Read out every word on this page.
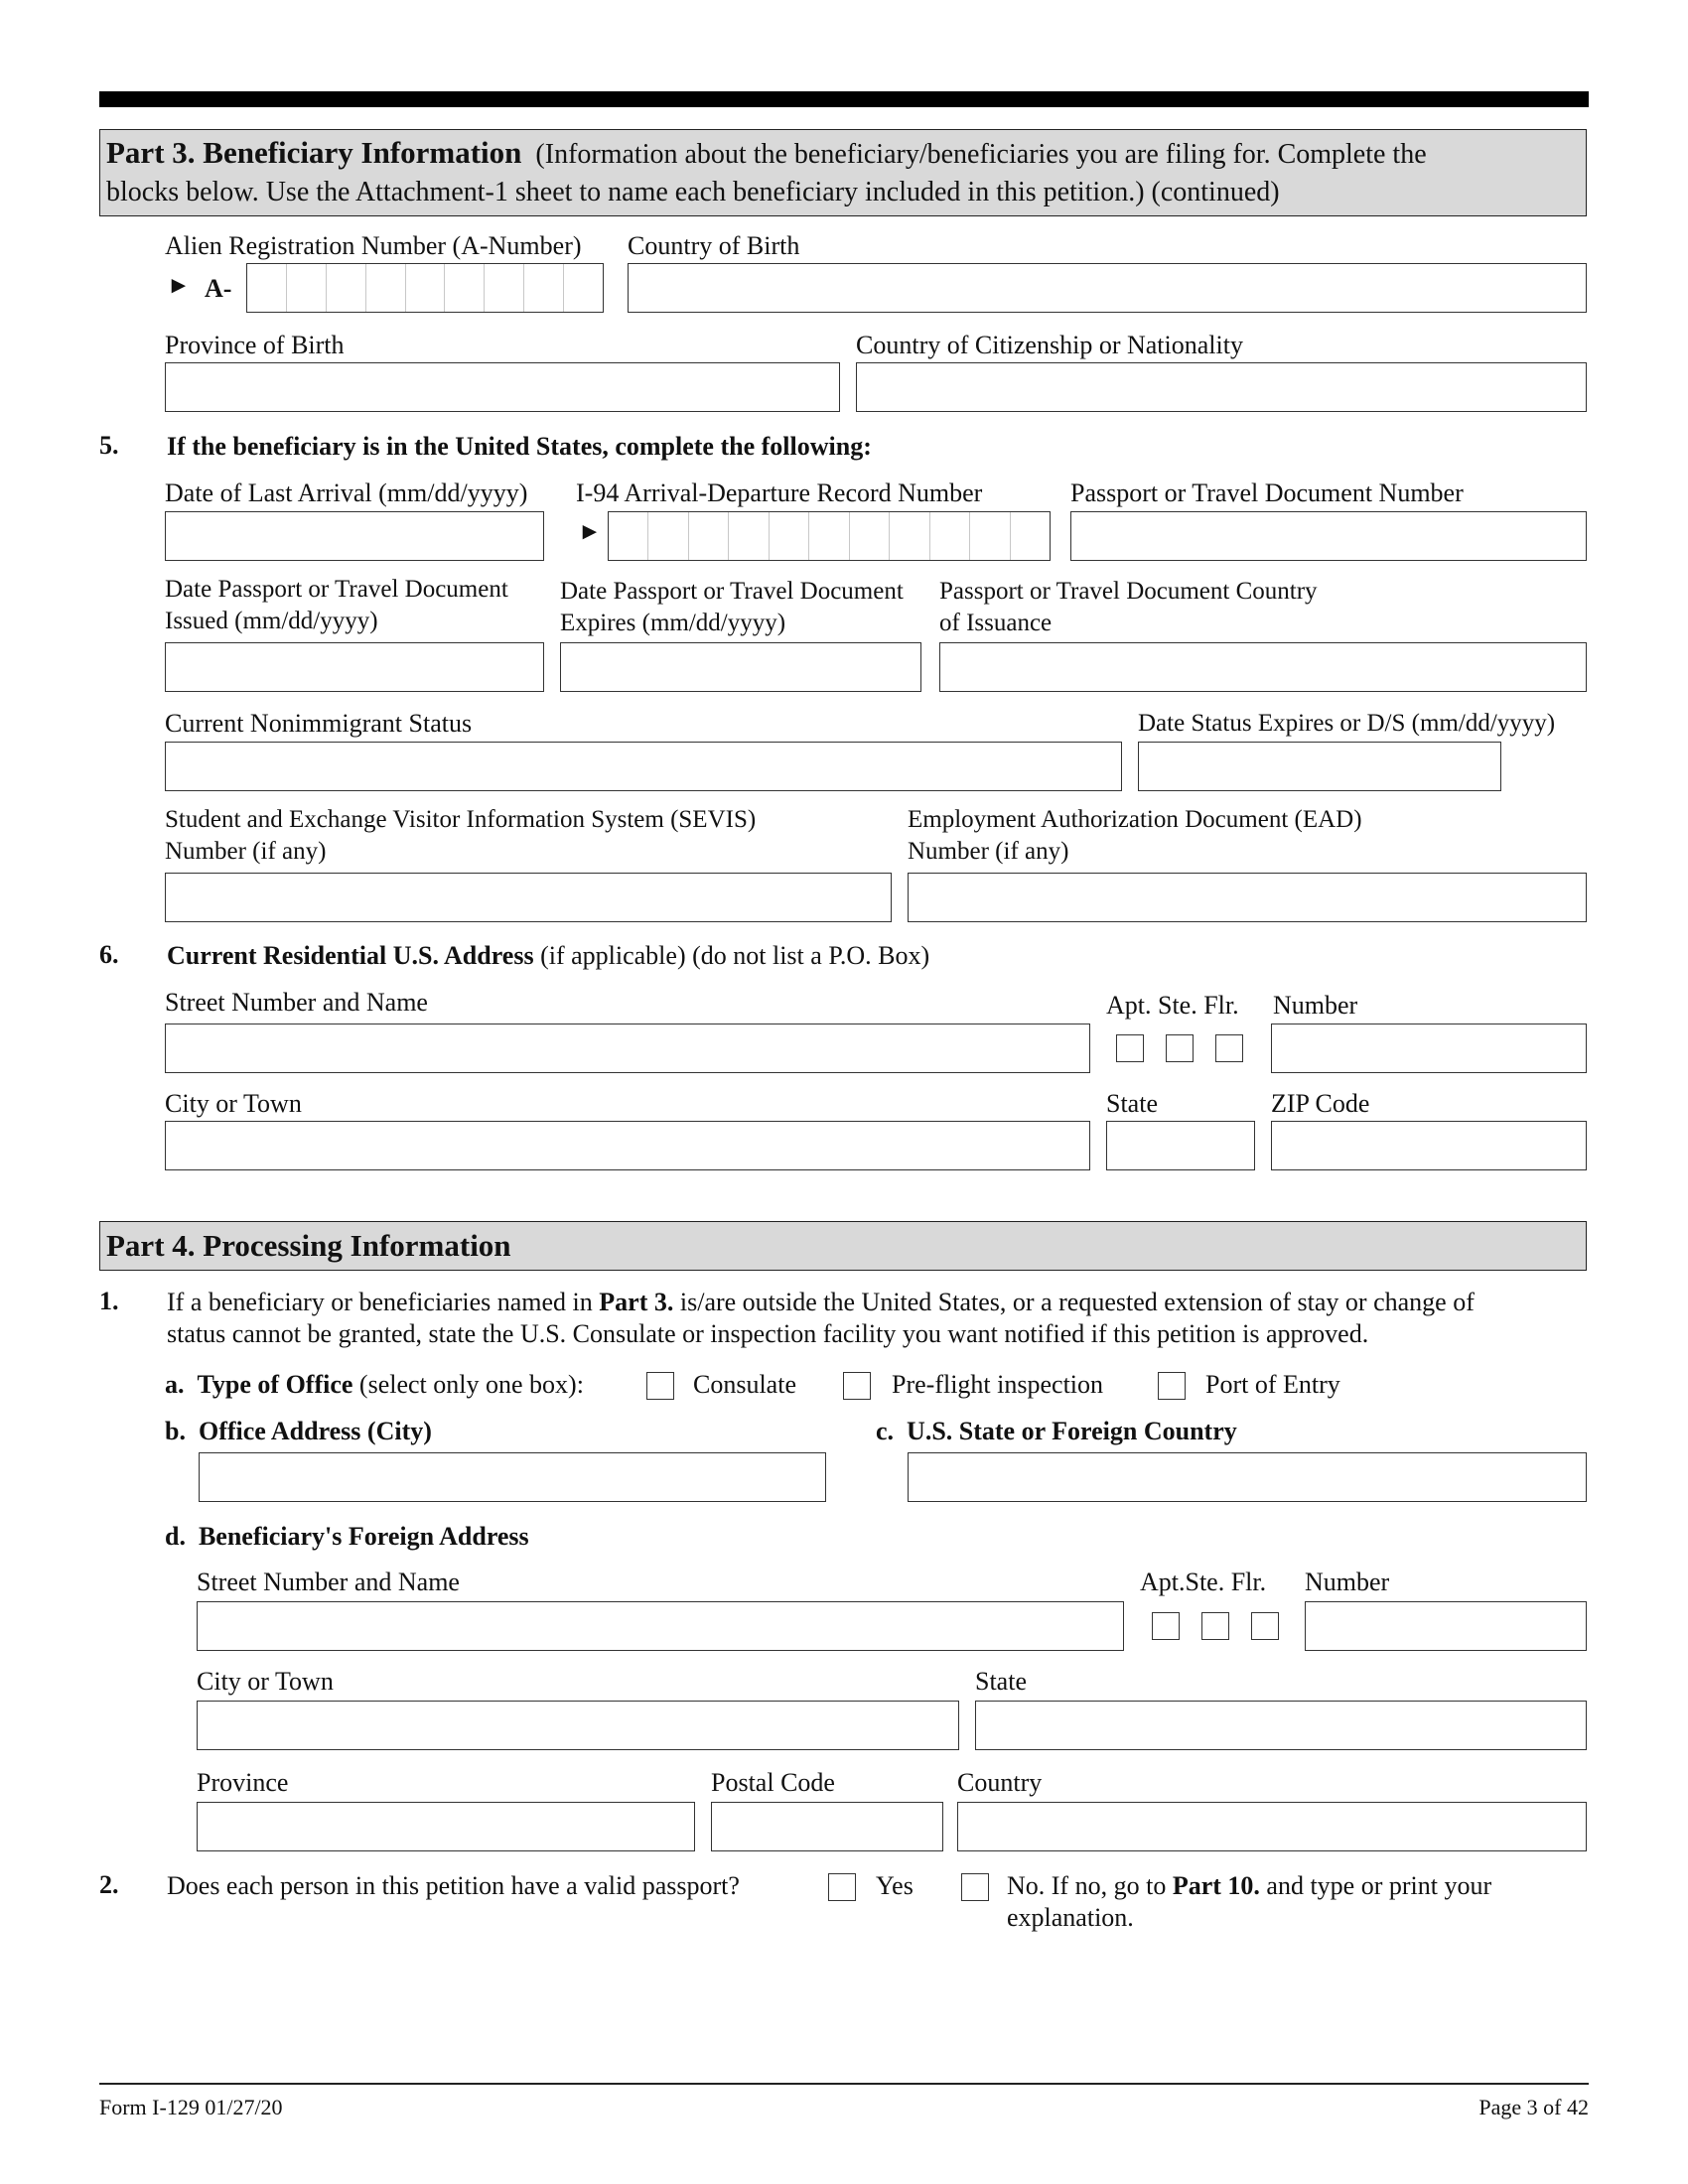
Part 3. Beneficiary Information (Information about the beneficiary/beneficiaries you are filing for. Complete the
blocks below. Use the Attachment-1 sheet to name each beneficiary included in this petition.) (continued)
Alien Registration Number (A-Number) Country of Birth
► A-
Province of Birth	Country of Citizenship or Nationality
5. If the beneficiary is in the United States, complete the following:
Date of Last Arrival (mm/dd/yyyy) I-94 Arrival-Departure Record Number	Passport or Travel Document Number
►
Date Passport or Travel Document
Issued (mm/dd/yyyy)
Date Passport or Travel Document
Expires (mm/dd/yyyy)
Passport or Travel Document Country
of Issuance
Current Nonimmigrant Status	Date Status Expires or D/S (mm/dd/yyyy)
Student and Exchange Visitor Information System (SEVIS)
Number (if any)
Employment Authorization Document (EAD)
Number (if any)
6. Current Residential U.S. Address (if applicable) (do not list a P.O. Box)
Street Number and Name	Apt. Ste. Flr. Number
City or Town	State	ZIP Code
Part 4. Processing Information
1. If a beneficiary or beneficiaries named in Part 3. is/are outside the United States, or a requested extension of stay or change of
status cannot be granted, state the U.S. Consulate or inspection facility you want notified if this petition is approved.
a. Type of Office (select only one box):	Consulate	Pre-flight inspection	Port of Entry
b. Office Address (City)	c. U.S. State or Foreign Country
d. Beneficiary's Foreign Address
Street Number and Name	Apt.Ste. Flr. Number
City or Town	State
Province	Postal Code	Country
2. Does each person in this petition have a valid passport?	Yes	No. If no, go to Part 10. and type or print your
explanation.
Form I-129 01/27/20	Page 3 of 42
